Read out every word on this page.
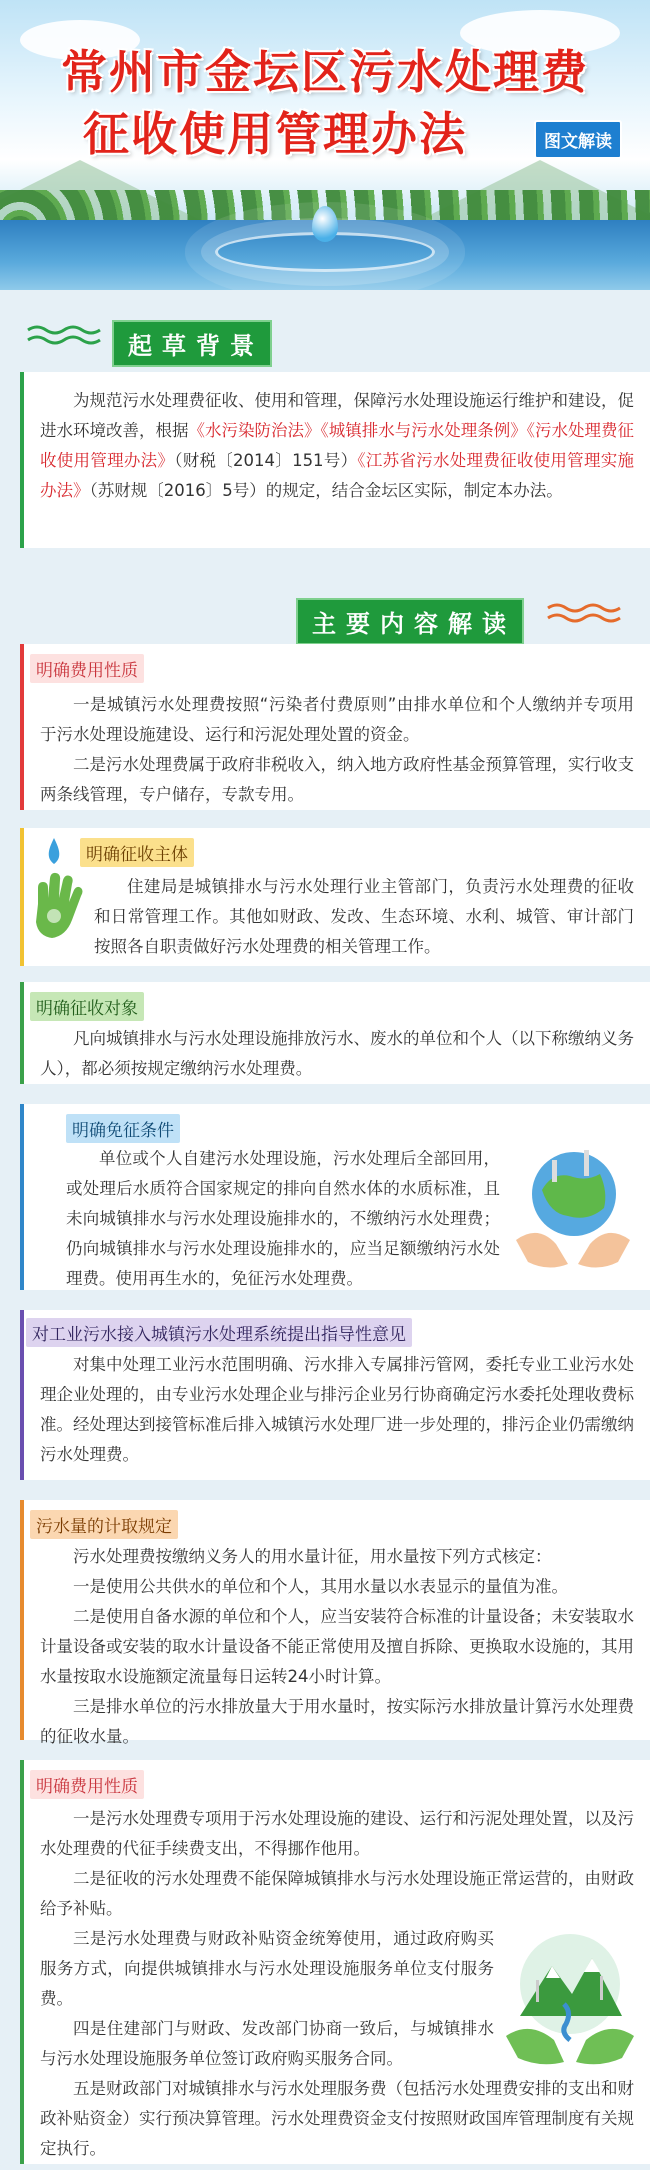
常州市金坛区污水处理费
征收使用管理办法	图文解读
起草背景

为规范污水处理费征收、使用和管理，保障污水处理设施运行维护和建设，促进水环境改善，根据《水污染防治法》《城镇排水与污水处理条例》《污水处理费征收使用管理办法》（财税〔2014〕151号）《江苏省污水处理费征收使用管理实施办法》（苏财规〔2016〕5号）的规定，结合金坛区实际，制定本办法。

主要内容解读
明确费用性质

一是城镇污水处理费按照“污染者付费原则”由排水单位和个人缴纳并专项用于污水处理设施建设、运行和污泥处理处置的资金。

二是污水处理费属于政府非税收入，纳入地方政府性基金预算管理，实行收支两条线管理，专户储存，专款专用。

明确征收主体

住建局是城镇排水与污水处理行业主管部门，负责污水处理费的征收和日常管理工作。其他如财政、发改、生态环境、水利、城管、审计部门按照各自职责做好污水处理费的相关管理工作。

明确征收对象

凡向城镇排水与污水处理设施排放污水、废水的单位和个人（以下称缴纳义务人），都必须按规定缴纳污水处理费。

明确免征条件

单位或个人自建污水处理设施，污水处理后全部回用，或处理后水质符合国家规定的排向自然水体的水质标准，且未向城镇排水与污水处理设施排水的，不缴纳污水处理费；仍向城镇排水与污水处理设施排水的，应当足额缴纳污水处理费。使用再生水的，免征污水处理费。

对工业污水接入城镇污水处理系统提出指导性意见

对集中处理工业污水范围明确、污水排入专属排污管网，委托专业工业污水处理企业处理的，由专业污水处理企业与排污企业另行协商确定污水委托处理收费标准。经处理达到接管标准后排入城镇污水处理厂进一步处理的，排污企业仍需缴纳污水处理费。

污水量的计取规定

污水处理费按缴纳义务人的用水量计征，用水量按下列方式核定：

一是使用公共供水的单位和个人，其用水量以水表显示的量值为准。

二是使用自备水源的单位和个人，应当安装符合标准的计量设备；未安装取水计量设备或安装的取水计量设备不能正常使用及擅自拆除、更换取水设施的，其用水量按取水设施额定流量每日运转24小时计算。

三是排水单位的污水排放量大于用水量时，按实际污水排放量计算污水处理费的征收水量。

明确费用性质

一是污水处理费专项用于污水处理设施的建设、运行和污泥处理处置，以及污水处理费的代征手续费支出，不得挪作他用。

二是征收的污水处理费不能保障城镇排水与污水处理设施正常运营的，由财政给予补贴。

三是污水处理费与财政补贴资金统筹使用，通过政府购买服务方式，向提供城镇排水与污水处理设施服务单位支付服务费。

四是住建部门与财政、发改部门协商一致后，与城镇排水与污水处理设施服务单位签订政府购买服务合同。

五是财政部门对城镇排水与污水处理服务费（包括污水处理费安排的支出和财政补贴资金）实行预决算管理。污水处理费资金支付按照财政国库管理制度有关规定执行。
